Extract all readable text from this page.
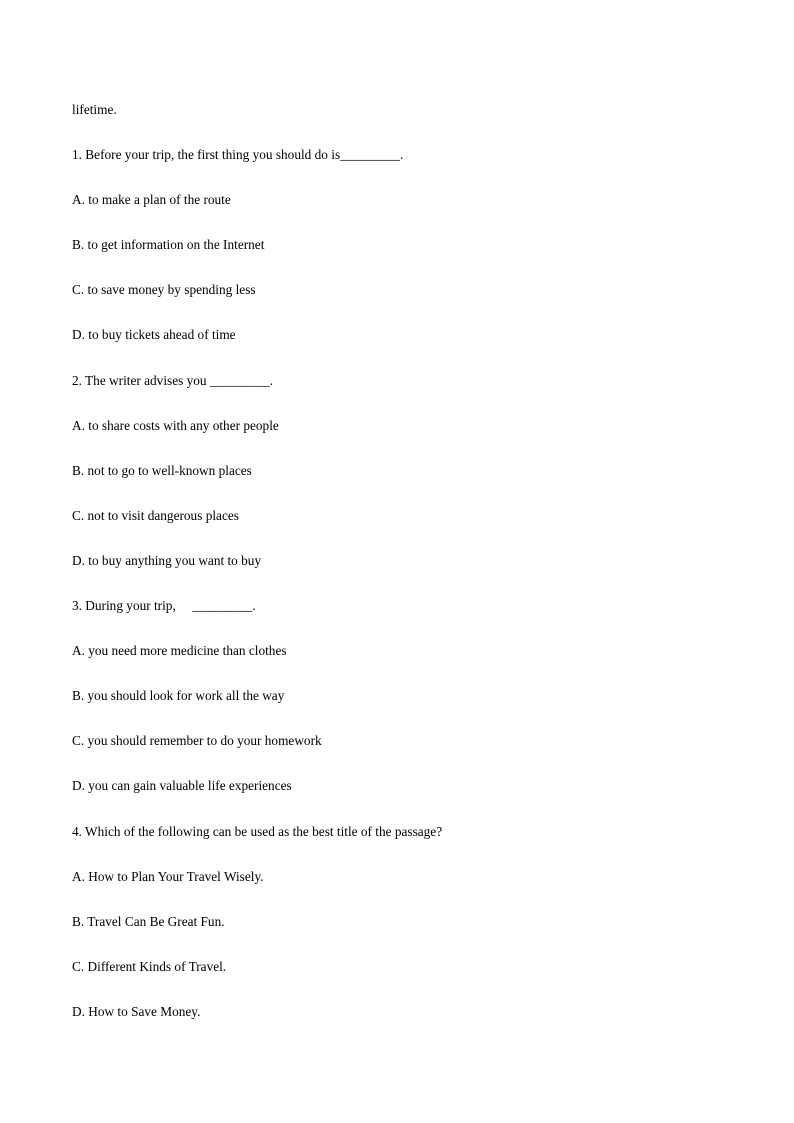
lifetime.
1. Before your trip, the first thing you should do is_________.
A. to make a plan of the route
B. to get information on the Internet
C. to save money by spending less
D. to buy tickets ahead of time
2. The writer advises you _________.
A. to share costs with any other people
B. not to go to well-known places
C. not to visit dangerous places
D. to buy anything you want to buy
3. During your trip,     _________.
A. you need more medicine than clothes
B. you should look for work all the way
C. you should remember to do your homework
D. you can gain valuable life experiences
4. Which of the following can be used as the best title of the passage?
A. How to Plan Your Travel Wisely.
B. Travel Can Be Great Fun.
C. Different Kinds of Travel.
D. How to Save Money.
